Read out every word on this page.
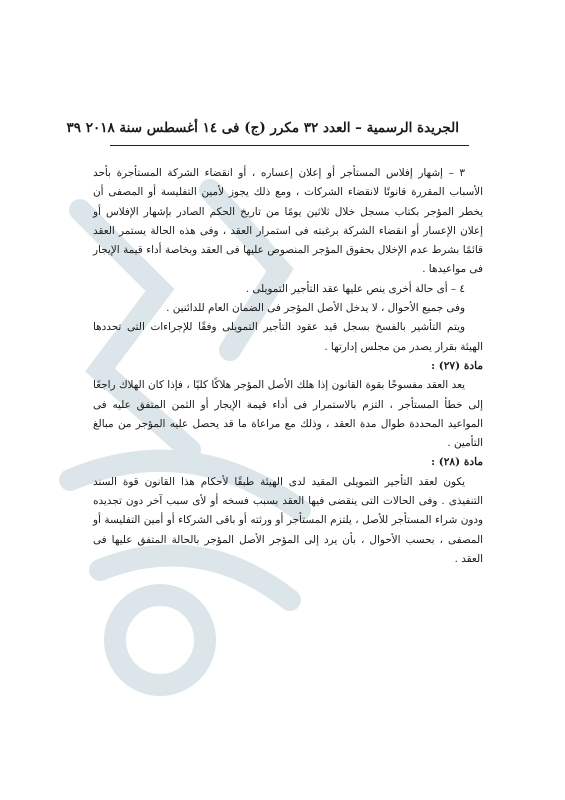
الجريدة الرسمية – العدد ٣٢ مكرر (ج) فى ١٤ أغسطس سنة ٢٠١٨ ٣٩

٣ – إشهار إفلاس المستأجر أو إعلان إعساره ، أو انقضاء الشركة المستأجرة بأحد الأسباب المقررة قانونًا لانقضاء الشركات ، ومع ذلك يجوز لأمين التفليسة أو المصفى أن يخطر المؤجر بكتاب مسجل خلال ثلاثين يومًا من تاريخ الحكم الصادر بإشهار الإفلاس أو إعلان الإعسار أو انقضاء الشركة برغبته فى استمرار العقد ، وفى هذه الحالة يستمر العقد قائمًا بشرط عدم الإخلال بحقوق المؤجر المنصوص عليها فى العقد وبخاصة أداء قيمة الإيجار فى مواعيدها .

٤ – أى حالة أخرى ينص عليها عقد التأجير التمويلى .

وفى جميع الأحوال ، لا يدخل الأصل المؤجر فى الضمان العام للدائنين .

ويتم التأشير بالفسخ بسجل قيد عقود التأجير التمويلى وفقًا للإجراءات التى تحددها الهيئة بقرار يصدر من مجلس إدارتها .

مادة (٢٧) :

يعد العقد مفسوخًا بقوة القانون إذا هلك الأصل المؤجر هلاكًا كليًا ، فإذا كان الهلاك راجعًا إلى خطأ المستأجر ، التزم بالاستمرار فى أداء قيمة الإيجار أو الثمن المتفق عليه فى المواعيد المحددة طوال مدة العقد ، وذلك مع مراعاة ما قد يحصل عليه المؤجر من مبالغ التأمين .

مادة (٢٨) :

يكون لعقد التأجير التمويلى المقيد لدى الهيئة طبقًا لأحكام هذا القانون قوة السند التنفيذى . وفى الحالات التى ينقضى فيها العقد بسبب فسخه أو لأى سبب آخر دون تجديده ودون شراء المستأجر للأصل ، يلتزم المستأجر أو ورثته أو باقى الشركاء أو أمين التفليسة أو المصفى ، بحسب الأحوال ، بأن يرد إلى المؤجر الأصل المؤجر بالحالة المتفق عليها فى العقد .
